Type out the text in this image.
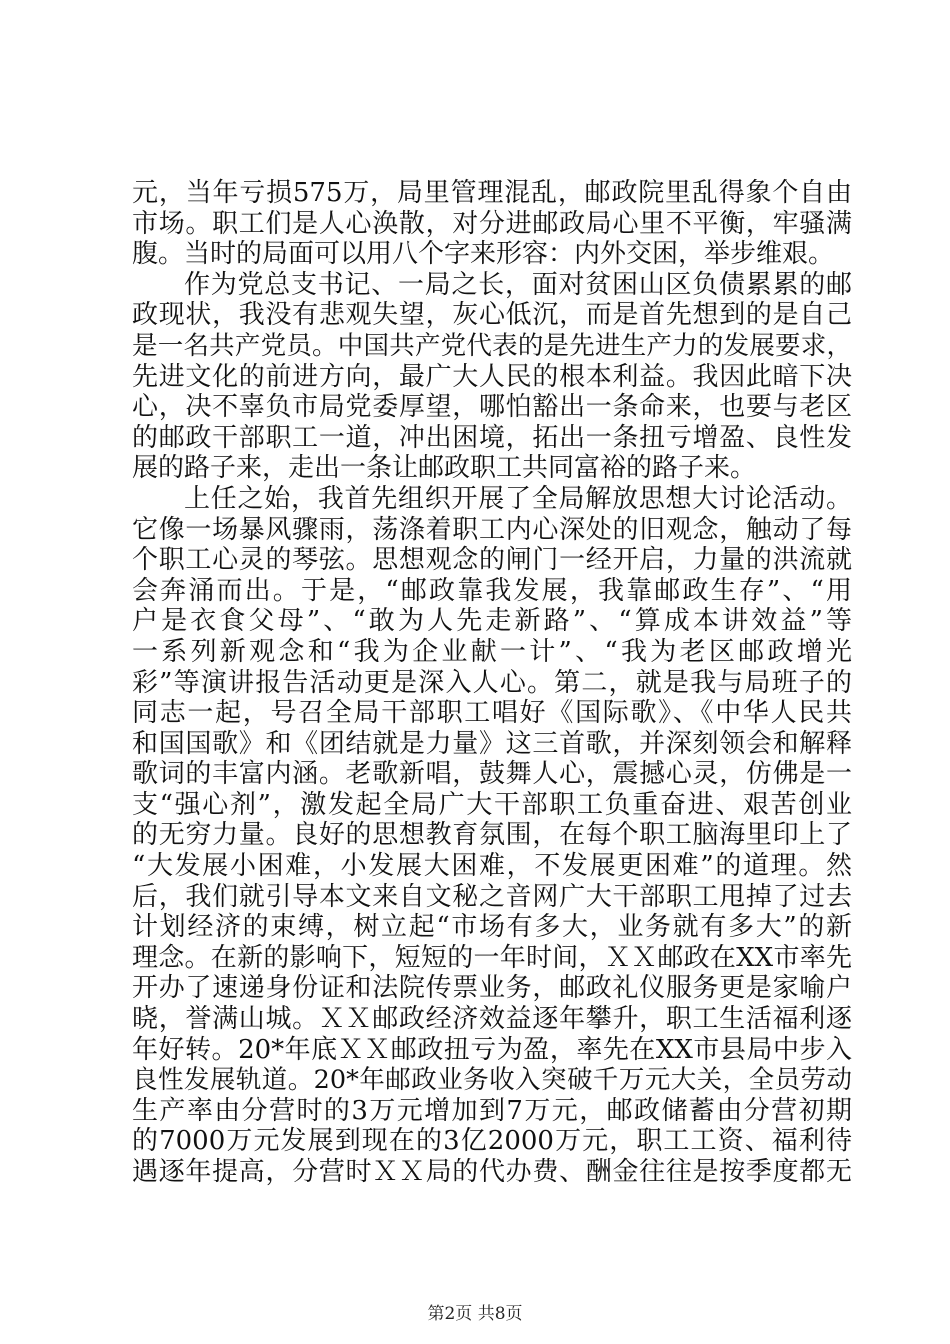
元，当年亏损575万，局里管理混乱，邮政院里乱得象个自由
市场。职工们是人心涣散，对分进邮政局心里不平衡，牢骚满
腹。当时的局面可以用八个字来形容：内外交困，举步维艰。
作为党总支书记、一局之长，面对贫困山区负债累累的邮
政现状，我没有悲观失望，灰心低沉，而是首先想到的是自己
是一名共产党员。中国共产党代表的是先进生产力的发展要求，
先进文化的前进方向，最广大人民的根本利益。我因此暗下决
心，决不辜负市局党委厚望，哪怕豁出一条命来，也要与老区
的邮政干部职工一道，冲出困境，拓出一条扭亏增盈、良性发
展的路子来，走出一条让邮政职工共同富裕的路子来。
上任之始，我首先组织开展了全局解放思想大讨论活动。
它像一场暴风骤雨，荡涤着职工内心深处的旧观念，触动了每
个职工心灵的琴弦。思想观念的闸门一经开启，力量的洪流就
会奔涌而出。于是，“邮政靠我发展，我靠邮政生存”、“用
户是衣食父母”、“敢为人先走新路”、“算成本讲效益”等
一系列新观念和“我为企业献一计”、“我为老区邮政增光
彩”等演讲报告活动更是深入人心。第二，就是我与局班子的
同志一起，号召全局干部职工唱好《国际歌》、《中华人民共
和国国歌》和《团结就是力量》这三首歌，并深刻领会和解释
歌词的丰富内涵。老歌新唱，鼓舞人心，震撼心灵，仿佛是一
支“强心剂”，激发起全局广大干部职工负重奋进、艰苦创业
的无穷力量。良好的思想教育氛围，在每个职工脑海里印上了
“大发展小困难，小发展大困难，不发展更困难”的道理。然
后，我们就引导本文来自文秘之音网广大干部职工甩掉了过去
计划经济的束缚，树立起“市场有多大，业务就有多大”的新
理念。在新的影响下，短短的一年时间，ＸＸ邮政在XX市率先
开办了速递身份证和法院传票业务，邮政礼仪服务更是家喻户
晓，誉满山城。ＸＸ邮政经济效益逐年攀升，职工生活福利逐
年好转。20*年底ＸＸ邮政扭亏为盈，率先在XX市县局中步入
良性发展轨道。20*年邮政业务收入突破千万元大关，全员劳动
生产率由分营时的3万元增加到7万元，邮政储蓄由分营初期
的7000万元发展到现在的3亿2000万元，职工工资、福利待
遇逐年提高，分营时ＸＸ局的代办费、酬金往往是按季度都无
第2页 共8页
